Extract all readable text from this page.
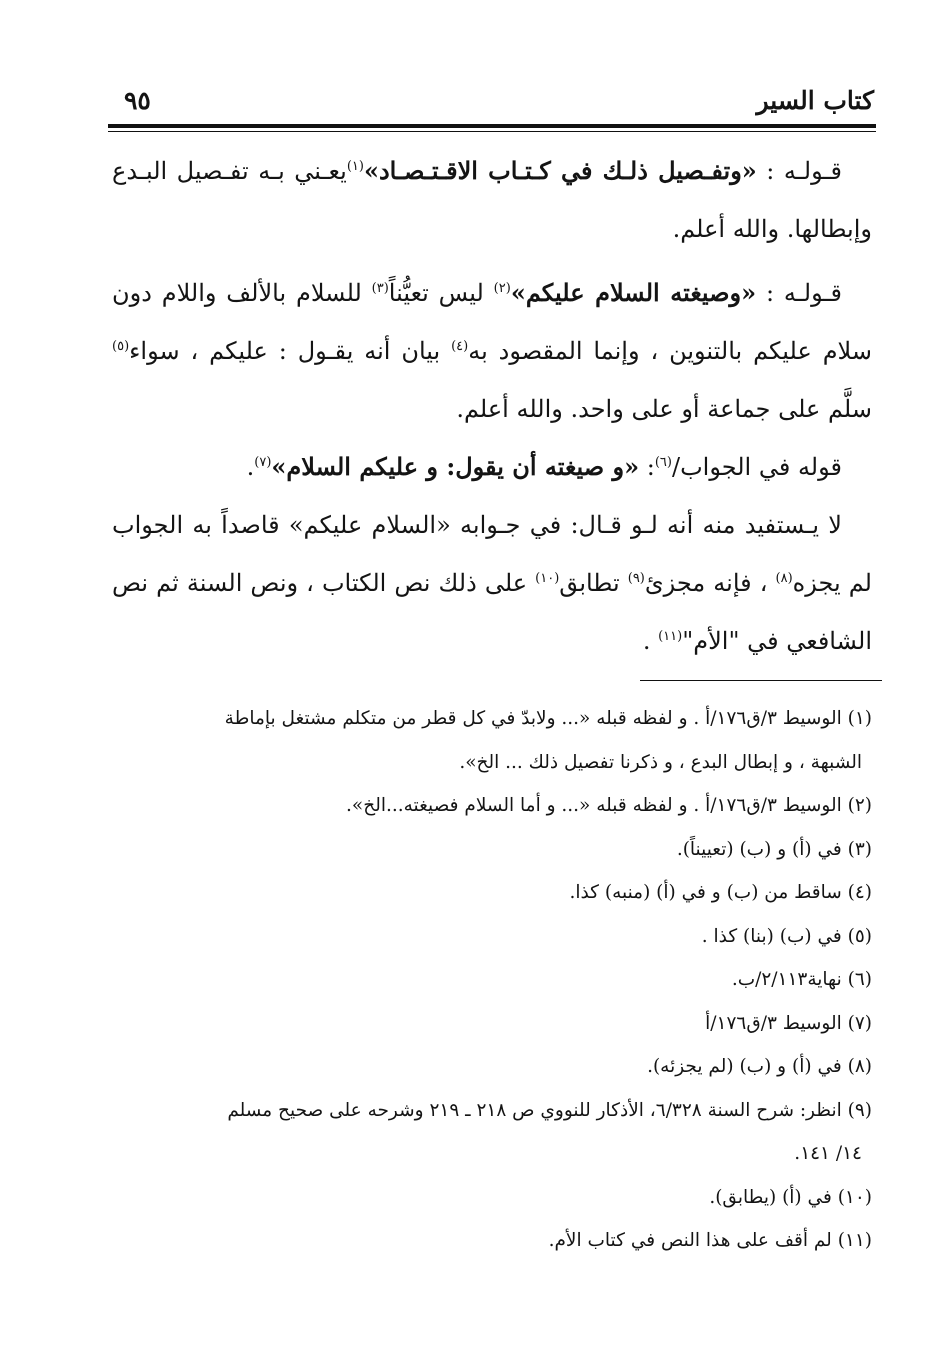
كتاب السير
٩٥

قـولـه : «وتفـصيل ذلـك في كـتـاب الاقـتـصـاد»$^{(١)}$يعـني بـه تفـصيل البـدع وإبطالها. والله أعلم.

قـولـه : «وصيغته السلام عليكم»$^{(٢)}$ ليس تعيُّناً$^{(٣)}$ للسلام بالألف واللام دون سلام عليكم بالتنوين ، وإنما المقصود به$^{(٤)}$ بيان أنه يقـول : عليكم ، سواء$^{(٥)}$ سلَّم على جماعة أو على واحد. والله أعلم.

قوله في الجواب/$^{(٦)}$: «و صيغته أن يقول: و عليكم السلام»$^{(٧)}$.

لا يـستفيد منه أنه لـو قـال: في جـوابه «السلام عليكم» قاصداً به الجواب لم يجزه$^{(٨)}$ ، فإنه مجزئ$^{(٩)}$ تطابق$^{(١٠)}$ على ذلك نص الكتاب ، ونص السنة ثم نص الشافعي في "الأم"$^{(١١)}$ .

(١) الوسيط ٣/ق١٧٦/أ . و لفظه قبله «... ولابدّ في كل قطر من متكلم مشتغل بإماطة

الشبهة ، و إبطال البدع ، و ذكرنا تفصيل ذلك ... الخ».

(٢) الوسيط ٣/ق١٧٦/أ . و لفظه قبله «... و أما السلام فصيغته...الخ».

(٣) في (أ) و (ب) (تعييناً).

(٤) ساقط من (ب) و في (أ) (منبه) كذا.

(٥) في (ب) (بنا) كذا .

(٦) نهاية٢/١١٣/ب.

(٧) الوسيط ٣/ق١٧٦/أ

(٨) في (أ) و (ب) (لم يجزئه).

(٩) انظر: شرح السنة ٦/٣٢٨، الأذكار للنووي ص ٢١٨ ـ ٢١٩ وشرحه على صحيح مسلم

١٤/ ١٤١.

(١٠) في (أ) (يطابق).

(١١) لم أقف على هذا النص في كتاب الأم.
